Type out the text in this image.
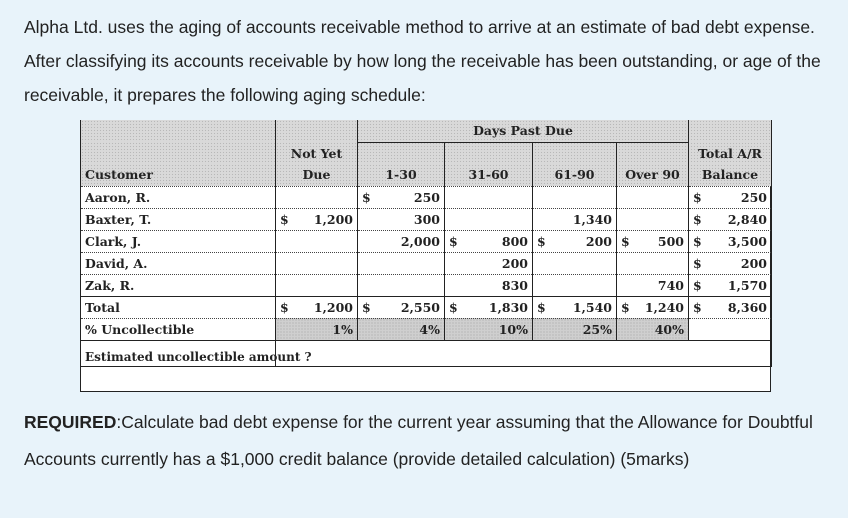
Alpha Ltd. uses the aging of accounts receivable method to arrive at an estimate of bad debt expense. After classifying its accounts receivable by how long the receivable has been outstanding, or age of the receivable, it prepares the following aging schedule:

		Days Past Due				
	Not Yet					Total A/R
Customer	Due	1-30	31-60	61-90	Over 90	Balance
Aaron, R.		$ 250				$ 250

Baxter, T.	$ 1,200	300		1,340		$ 2,840

Clark, J.		2,000	$ 800	$ 200	$ 500	$ 3,500

David, A.			200			$ 200

Zak, R.			830		740	$ 1,570

Total	$ 1,200	$ 2,550	$ 1,830	$ 1,540	$ 1,240	$ 8,360

% Uncollectible	1%	4%	10%	25%	40%	
Estimated uncollectible amount ?						

REQUIRED:Calculate bad debt expense for the current year assuming that the Allowance for Doubtful Accounts currently has a $1,000 credit balance (provide detailed calculation) (5marks)
